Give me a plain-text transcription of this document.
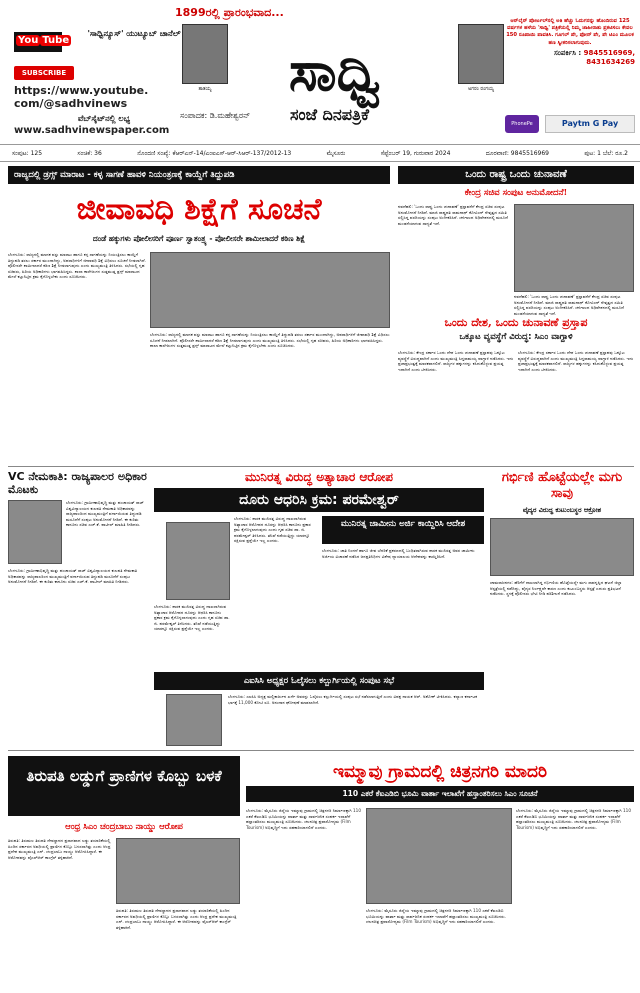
You Tube
SUBSCRIBE
'ಸಾಧ್ವಿನ್ಯೂಸ್' ಯುಟ್ಯೂಬ್ ಚಾನೆಲ್
https://www.youtube.
com/@sadhvinews
ವೆಬ್‌ಸೈಟ್‌ನಲ್ಲಿ ಲಭ್ಯ
www.sadhvinewspaper.com
1899ರಲ್ಲಿ ಪ್ರಾರಂಭವಾದ...
ತಾತಯ್ಯ	ಸಾಧ್ವಿ	ಅಗರಂ ರಂಗಯ್ಯ
ಸಂಪಾದಕ: ಡಿ.ಮಹೇಶ್ವರನ್ ಸಂಜೆ ದಿನಪತ್ರಿಕೆ
ಆನ್‌ಲೈನ್ ಪೋರ್ಟಲ್‌ನಲ್ಲಿ ಅತಿ ಹೆಚ್ಚು ಓದುಗರನ್ನು ಹೊಂದಿರುವ 125 ವರ್ಷಗಳ ಹಳೆಯ 'ಸಾಧ್ವಿ' ಪತ್ರಿಕೆಯಲ್ಲಿ ನಿಮ್ಮ ಜಾಹೀರಾತು ಪ್ರಕಟಿಸಲು ಕೇವಲ 150 ರೂಪಾಯಿ ಪಾವತಿಸಿ. ಗೂಗಲ್ ಪೇ, ಫೋನ್ ಪೇ, ಪೇ ಟಿಎಂ ಮೂಲಕ ಹಣ ಸ್ವೀಕರಿಸಲಾಗುವುದು.
ಸಂಪರ್ಕಿಸಿ : 9845516969,
8431634269
PhonePe	Paytm G Pay
ಸಂಪುಟ: 125	ಸಂಚಿಕೆ: 36	ನೊಂದಣಿ ಸಂಖ್ಯೆ: ಕೆಆರ್‌ಎನ್-14/ಎಂಐಎಸ್-ಆರ್-ಸಿಆರ್-137/2012-13	ಮೈಸೂರು	ಸೆಪ್ಟೆಂಬರ್ 19, ಗುರುವಾರ 2024	ದೂರವಾಣಿ: 9845516969	ಪುಟ: 1 ಬೆಲೆ: ರೂ.2
ರಾಜ್ಯದಲ್ಲಿ ಡ್ರಗ್ಸ್ ಮಾರಾಟ - ಕಳ್ಳ ಸಾಗಣೆ ಹಾವಳಿ ನಿಯಂತ್ರಣಕ್ಕೆ ಕಾಯ್ದೆಗೆ ತಿದ್ದುಪಡಿ
ಜೀವಾವಧಿ ಶಿಕ್ಷೆಗೆ ಸೂಚನೆ
ದಂಡೆ ಹಕ್ಕುಗಳು ಪೋಲೀಸರಿಗೆ ಪೂರ್ಣ ಸ್ವಾತಂತ್ರ್ಯ - ಪೋಲೀಸರೇ ಶಾಮೀಲಾದರೆ ಕಠಿಣ ಶಿಕ್ಷೆ
ಬೆಂಗಳೂರು: ರಾಜ್ಯದಲ್ಲಿ ಮಾದಕ ವಸ್ತು ಮಾರಾಟ ಹಾಗೂ ಕಳ್ಳ ಸಾಗಣೆಯನ್ನು ನಿಯಂತ್ರಿಸಲು ಕಾಯ್ದೆಗೆ ತಿದ್ದುಪಡಿ ತರಲು ಸರ್ಕಾರ ಮುಂದಾಗಿದ್ದು, ಅಪರಾಧಿಗಳಿಗೆ ಜೀವಾವಧಿ ಶಿಕ್ಷೆ ವಿಧಿಸಲು ಸೂಚನೆ ನೀಡಲಾಗಿದೆ. ಪೊಲೀಸರೇ ಶಾಮೀಲಾದರೆ ಕಠಿಣ ಶಿಕ್ಷೆ ನೀಡಲಾಗುವುದು ಎಂದು ಮುಖ್ಯಮಂತ್ರಿ ತಿಳಿಸಿದರು. ಸಭೆಯಲ್ಲಿ ಗೃಹ ಸಚಿವರು, ಹಿರಿಯ ಅಧಿಕಾರಿಗಳು ಭಾಗವಹಿಸಿದ್ದರು. ಶಾಲಾ ಕಾಲೇಜುಗಳ ಸುತ್ತಮುತ್ತ ಡ್ರಗ್ಸ್ ಮಾರಾಟದ ಮೇಲೆ ಕಟ್ಟುನಿಟ್ಟಿನ ಕ್ರಮ ಕೈಗೊಳ್ಳಬೇಕು ಎಂದು ಸೂಚಿಸಿದರು.
ಬೆಂಗಳೂರು: ರಾಜ್ಯದಲ್ಲಿ ಮಾದಕ ವಸ್ತು ಮಾರಾಟ ಹಾಗೂ ಕಳ್ಳ ಸಾಗಣೆಯನ್ನು ನಿಯಂತ್ರಿಸಲು ಕಾಯ್ದೆಗೆ ತಿದ್ದುಪಡಿ ತರಲು ಸರ್ಕಾರ ಮುಂದಾಗಿದ್ದು, ಅಪರಾಧಿಗಳಿಗೆ ಜೀವಾವಧಿ ಶಿಕ್ಷೆ ವಿಧಿಸಲು ಸೂಚನೆ ನೀಡಲಾಗಿದೆ. ಪೊಲೀಸರೇ ಶಾಮೀಲಾದರೆ ಕಠಿಣ ಶಿಕ್ಷೆ ನೀಡಲಾಗುವುದು ಎಂದು ಮುಖ್ಯಮಂತ್ರಿ ತಿಳಿಸಿದರು. ಸಭೆಯಲ್ಲಿ ಗೃಹ ಸಚಿವರು, ಹಿರಿಯ ಅಧಿಕಾರಿಗಳು ಭಾಗವಹಿಸಿದ್ದರು. ಶಾಲಾ ಕಾಲೇಜುಗಳ ಸುತ್ತಮುತ್ತ ಡ್ರಗ್ಸ್ ಮಾರಾಟದ ಮೇಲೆ ಕಟ್ಟುನಿಟ್ಟಿನ ಕ್ರಮ ಕೈಗೊಳ್ಳಬೇಕು ಎಂದು ಸೂಚಿಸಿದರು.
ಒಂದು ರಾಷ್ಟ್ರ ಒಂದು ಚುನಾವಣೆ
ಕೇಂದ್ರ ಸಚಿವ ಸಂಪುಟ ಅನುಮೋದನೆ!
ನವದೆಹಲಿ: 'ಒಂದು ರಾಷ್ಟ್ರ ಒಂದು ಚುನಾವಣೆ' ಪ್ರಸ್ತಾವನೆಗೆ ಕೇಂದ್ರ ಸಚಿವ ಸಂಪುಟ ಅನುಮೋದನೆ ನೀಡಿದೆ. ಮಾಜಿ ರಾಷ್ಟ್ರಪತಿ ರಾಮನಾಥ್ ಕೋವಿಂದ್ ನೇತೃತ್ವದ ಸಮಿತಿ ಸಲ್ಲಿಸಿದ್ದ ವರದಿಯನ್ನು ಸಂಪುಟ ಅಂಗೀಕರಿಸಿದೆ. ಚಳಿಗಾಲದ ಅಧಿವೇಶನದಲ್ಲಿ ಮಸೂದೆ ಮಂಡನೆಯಾಗುವ ಸಾಧ್ಯತೆ ಇದೆ.
ನವದೆಹಲಿ: 'ಒಂದು ರಾಷ್ಟ್ರ ಒಂದು ಚುನಾವಣೆ' ಪ್ರಸ್ತಾವನೆಗೆ ಕೇಂದ್ರ ಸಚಿವ ಸಂಪುಟ ಅನುಮೋದನೆ ನೀಡಿದೆ. ಮಾಜಿ ರಾಷ್ಟ್ರಪತಿ ರಾಮನಾಥ್ ಕೋವಿಂದ್ ನೇತೃತ್ವದ ಸಮಿತಿ ಸಲ್ಲಿಸಿದ್ದ ವರದಿಯನ್ನು ಸಂಪುಟ ಅಂಗೀಕರಿಸಿದೆ. ಚಳಿಗಾಲದ ಅಧಿವೇಶನದಲ್ಲಿ ಮಸೂದೆ ಮಂಡನೆಯಾಗುವ ಸಾಧ್ಯತೆ ಇದೆ.
ಒಂದು ದೇಶ, ಒಂದು ಚುನಾವಣೆ ಪ್ರಸ್ತಾಪ
ಒಕ್ಕೂಟ ವ್ಯವಸ್ಥೆಗೆ ವಿರುದ್ಧ: ಸಿಎಂ ವಾಗ್ದಾಳಿ
ಬೆಂಗಳೂರು: ಕೇಂದ್ರ ಸರ್ಕಾರ ಒಂದು ದೇಶ ಒಂದು ಚುನಾವಣೆ ಪ್ರಸ್ತಾಪವು ಒಕ್ಕೂಟ ವ್ಯವಸ್ಥೆಗೆ ವಿರುದ್ಧವಾಗಿದೆ ಎಂದು ಮುಖ್ಯಮಂತ್ರಿ ಸಿದ್ದರಾಮಯ್ಯ ವಾಗ್ದಾಳಿ ನಡೆಸಿದರು. ಇದು ಪ್ರಜಾಪ್ರಭುತ್ವಕ್ಕೆ ಮಾರಕವಾಗಲಿದೆ. ರಾಜ್ಯಗಳ ಹಕ್ಕುಗಳನ್ನು ಕಸಿದುಕೊಳ್ಳುವ ಪ್ರಯತ್ನ ಇದಾಗಿದೆ ಎಂದು ಟೀಕಿಸಿದರು.
ಬೆಂಗಳೂರು: ಕೇಂದ್ರ ಸರ್ಕಾರ ಒಂದು ದೇಶ ಒಂದು ಚುನಾವಣೆ ಪ್ರಸ್ತಾಪವು ಒಕ್ಕೂಟ ವ್ಯವಸ್ಥೆಗೆ ವಿರುದ್ಧವಾಗಿದೆ ಎಂದು ಮುಖ್ಯಮಂತ್ರಿ ಸಿದ್ದರಾಮಯ್ಯ ವಾಗ್ದಾಳಿ ನಡೆಸಿದರು. ಇದು ಪ್ರಜಾಪ್ರಭುತ್ವಕ್ಕೆ ಮಾರಕವಾಗಲಿದೆ. ರಾಜ್ಯಗಳ ಹಕ್ಕುಗಳನ್ನು ಕಸಿದುಕೊಳ್ಳುವ ಪ್ರಯತ್ನ ಇದಾಗಿದೆ ಎಂದು ಟೀಕಿಸಿದರು.
VC ನೇಮಕಾತಿ: ರಾಜ್ಯಪಾಲರ ಅಧಿಕಾರ ಮೊಟಕು
ಬೆಂಗಳೂರು: ಗ್ರಾಮೀಣಾಭಿವೃದ್ಧಿ ಮತ್ತು ಪಂಚಾಯತ್ ರಾಜ್ ವಿಶ್ವವಿದ್ಯಾಲಯದ ಕುಲಪತಿ ನೇಮಕಾತಿ ಅಧಿಕಾರವನ್ನು ರಾಜ್ಯಪಾಲರಿಂದ ಮುಖ್ಯಮಂತ್ರಿಗೆ ವರ್ಗಾಯಿಸುವ ತಿದ್ದುಪಡಿ ಮಸೂದೆಗೆ ಸಂಪುಟ ಅನುಮೋದನೆ ನೀಡಿದೆ. ಈ ಕುರಿತು ಕಾನೂನು ಸಚಿವ ಎಚ್.ಕೆ. ಪಾಟೀಲ್ ಮಾಹಿತಿ ನೀಡಿದರು.
ಬೆಂಗಳೂರು: ಗ್ರಾಮೀಣಾಭಿವೃದ್ಧಿ ಮತ್ತು ಪಂಚಾಯತ್ ರಾಜ್ ವಿಶ್ವವಿದ್ಯಾಲಯದ ಕುಲಪತಿ ನೇಮಕಾತಿ ಅಧಿಕಾರವನ್ನು ರಾಜ್ಯಪಾಲರಿಂದ ಮುಖ್ಯಮಂತ್ರಿಗೆ ವರ್ಗಾಯಿಸುವ ತಿದ್ದುಪಡಿ ಮಸೂದೆಗೆ ಸಂಪುಟ ಅನುಮೋದನೆ ನೀಡಿದೆ. ಈ ಕುರಿತು ಕಾನೂನು ಸಚಿವ ಎಚ್.ಕೆ. ಪಾಟೀಲ್ ಮಾಹಿತಿ ನೀಡಿದರು.
ಮುನಿರತ್ನ ವಿರುದ್ಧ ಅತ್ಯಾಚಾರ ಆರೋಪ
ದೂರು ಆಧರಿಸಿ ಕ್ರಮ: ಪರಮೇಶ್ವರ್
ಬೆಂಗಳೂರು: ಶಾಸಕ ಮುನಿರತ್ನ ವಿರುದ್ಧ ದಾಖಲಾಗಿರುವ ಅತ್ಯಾಚಾರ ಆರೋಪದ ದೂರನ್ನು ಆಧರಿಸಿ ಕಾನೂನು ಪ್ರಕಾರ ಕ್ರಮ ಕೈಗೊಳ್ಳಲಾಗುವುದು ಎಂದು ಗೃಹ ಸಚಿವ ಡಾ. ಜಿ. ಪರಮೇಶ್ವರ್ ತಿಳಿಸಿದರು. ತನಿಖೆ ನಡೆಯುತ್ತಿದ್ದು ಯಾರನ್ನೂ ರಕ್ಷಿಸುವ ಪ್ರಶ್ನೆಯೇ ಇಲ್ಲ ಎಂದರು.
ಬೆಂಗಳೂರು: ಶಾಸಕ ಮುನಿರತ್ನ ವಿರುದ್ಧ ದಾಖಲಾಗಿರುವ ಅತ್ಯಾಚಾರ ಆರೋಪದ ದೂರನ್ನು ಆಧರಿಸಿ ಕಾನೂನು ಪ್ರಕಾರ ಕ್ರಮ ಕೈಗೊಳ್ಳಲಾಗುವುದು ಎಂದು ಗೃಹ ಸಚಿವ ಡಾ. ಜಿ. ಪರಮೇಶ್ವರ್ ತಿಳಿಸಿದರು. ತನಿಖೆ ನಡೆಯುತ್ತಿದ್ದು ಯಾರನ್ನೂ ರಕ್ಷಿಸುವ ಪ್ರಶ್ನೆಯೇ ಇಲ್ಲ ಎಂದರು.
ಮುನಿರತ್ನ ಜಾಮೀನು ಅರ್ಜಿ ಕಾಯ್ದಿರಿಸಿ ಆದೇಶ
ಬೆಂಗಳೂರು: ಜಾತಿ ನಿಂದನೆ ಹಾಗೂ ಜೀವ ಬೆದರಿಕೆ ಪ್ರಕರಣದಲ್ಲಿ ಬಂಧಿತರಾಗಿರುವ ಶಾಸಕ ಮುನಿರತ್ನ ಅವರ ಜಾಮೀನು ಅರ್ಜಿಯ ವಿಚಾರಣೆ ನಡೆಸಿದ ಜನಪ್ರತಿನಿಧಿಗಳ ವಿಶೇಷ ನ್ಯಾಯಾಲಯ ಆದೇಶವನ್ನು ಕಾಯ್ದಿರಿಸಿದೆ.
ಗರ್ಭಿಣಿ ಹೊಟ್ಟೆಯಲ್ಲೇ ಮಗು ಸಾವು
ವೈದ್ಯರ ವಿರುದ್ಧ ಕುಟುಂಬಸ್ಥರ ಆಕ್ರೋಶ
ಚಾಮರಾಜನಗರ: ಹೆರಿಗೆಗೆ ದಾಖಲಾಗಿದ್ದ ಗರ್ಭಿಣಿಯ ಹೊಟ್ಟೆಯಲ್ಲೇ ಮಗು ಸಾವನ್ನಪ್ಪಿದ ಘಟನೆ ಜಿಲ್ಲಾ ಆಸ್ಪತ್ರೆಯಲ್ಲಿ ನಡೆದಿದ್ದು, ವೈದ್ಯರ ನಿರ್ಲಕ್ಷ್ಯವೇ ಕಾರಣ ಎಂದು ಕುಟುಂಬಸ್ಥರು ಆಸ್ಪತ್ರೆ ಎದುರು ಪ್ರತಿಭಟನೆ ನಡೆಸಿದರು. ಸ್ಥಳಕ್ಕೆ ಪೊಲೀಸರು ಭೇಟಿ ನೀಡಿ ಪರಿಶೀಲನೆ ನಡೆಸಿದರು.
ಎಐಸಿಸಿ ಅಧ್ಯಕ್ಷರ ಓಲೈಸಲು ಕಲ್ಬುರ್ಗಿಯಲ್ಲಿ ಸಂಪುಟ ಸಭೆ
ಬೆಂಗಳೂರು: ಎಐಸಿಸಿ ಅಧ್ಯಕ್ಷ ಮಲ್ಲಿಕಾರ್ಜುನ ಖರ್ಗೆ ಅವರನ್ನು ಓಲೈಸಲು ಕಲ್ಬುರ್ಗಿಯಲ್ಲಿ ಸಂಪುಟ ಸಭೆ ನಡೆಸಲಾಗುತ್ತಿದೆ ಎಂದು ವಿಪಕ್ಷ ನಾಯಕ ಆರ್. ಅಶೋಕ್ ಟೀಕಿಸಿದರು. ಕಲ್ಯಾಣ ಕರ್ನಾಟಕ ಭಾಗಕ್ಕೆ 11,000 ಕೋಟಿ ರೂ. ಅನುದಾನ ಘೋಷಣೆ ಮಾಡಲಾಗಿದೆ.
ತಿರುಪತಿ ಲಡ್ಡುಗೆ ಪ್ರಾಣಿಗಳ ಕೊಬ್ಬು ಬಳಕೆ
ಆಂಧ್ರ ಸಿಎಂ ಚಂದ್ರಬಾಬು ನಾಯ್ಡು ಆರೋಪ
ತಿರುಪತಿ: ತಿರುಮಲ ತಿರುಪತಿ ದೇವಸ್ಥಾನದ ಪ್ರಸಾದವಾದ ಲಡ್ಡು ತಯಾರಿಕೆಯಲ್ಲಿ ಹಿಂದಿನ ಸರ್ಕಾರದ ಅವಧಿಯಲ್ಲಿ ಪ್ರಾಣಿಗಳ ಕೊಬ್ಬು ಬಳಸಲಾಗಿತ್ತು ಎಂದು ಆಂಧ್ರ ಪ್ರದೇಶ ಮುಖ್ಯಮಂತ್ರಿ ಎನ್. ಚಂದ್ರಬಾಬು ನಾಯ್ಡು ಆರೋಪಿಸಿದ್ದಾರೆ. ಈ ಆರೋಪವನ್ನು ವೈಎಸ್‌ಆರ್ ಕಾಂಗ್ರೆಸ್ ತಳ್ಳಿಹಾಕಿದೆ.
ತಿರುಪತಿ: ತಿರುಮಲ ತಿರುಪತಿ ದೇವಸ್ಥಾನದ ಪ್ರಸಾದವಾದ ಲಡ್ಡು ತಯಾರಿಕೆಯಲ್ಲಿ ಹಿಂದಿನ ಸರ್ಕಾರದ ಅವಧಿಯಲ್ಲಿ ಪ್ರಾಣಿಗಳ ಕೊಬ್ಬು ಬಳಸಲಾಗಿತ್ತು ಎಂದು ಆಂಧ್ರ ಪ್ರದೇಶ ಮುಖ್ಯಮಂತ್ರಿ ಎನ್. ಚಂದ್ರಬಾಬು ನಾಯ್ಡು ಆರೋಪಿಸಿದ್ದಾರೆ. ಈ ಆರೋಪವನ್ನು ವೈಎಸ್‌ಆರ್ ಕಾಂಗ್ರೆಸ್ ತಳ್ಳಿಹಾಕಿದೆ.
ಇಮ್ಮಾವು ಗ್ರಾಮದಲ್ಲಿ ಚಿತ್ರನಗರಿ ಮಾದರಿ
110 ಎಕರೆ ಕೆಐಎಡಿಬಿ ಭೂಮಿ ವಾರ್ತಾ ಇಲಾಖೆಗೆ ಹಸ್ತಾಂತರಿಸಲು ಸಿಎಂ ಸೂಚನೆ
ಬೆಂಗಳೂರು: ಮೈಸೂರು ಜಿಲ್ಲೆಯ ಇಮ್ಮಾವು ಗ್ರಾಮದಲ್ಲಿ ಚಿತ್ರನಗರಿ ನಿರ್ಮಾಣಕ್ಕಾಗಿ 110 ಎಕರೆ ಕೆಐಎಡಿಬಿ ಭೂಮಿಯನ್ನು ವಾರ್ತಾ ಮತ್ತು ಸಾರ್ವಜನಿಕ ಸಂಪರ್ಕ ಇಲಾಖೆಗೆ ಹಸ್ತಾಂತರಿಸಲು ಮುಖ್ಯಮಂತ್ರಿ ಸೂಚಿಸಿದರು. ಚಲನಚಿತ್ರ ಪ್ರವಾಸೋದ್ಯಮ (Film Tourism) ಅಭಿವೃದ್ಧಿಗೆ ಇದು ಸಹಕಾರಿಯಾಗಲಿದೆ ಎಂದರು.
ಬೆಂಗಳೂರು: ಮೈಸೂರು ಜಿಲ್ಲೆಯ ಇಮ್ಮಾವು ಗ್ರಾಮದಲ್ಲಿ ಚಿತ್ರನಗರಿ ನಿರ್ಮಾಣಕ್ಕಾಗಿ 110 ಎಕರೆ ಕೆಐಎಡಿಬಿ ಭೂಮಿಯನ್ನು ವಾರ್ತಾ ಮತ್ತು ಸಾರ್ವಜನಿಕ ಸಂಪರ್ಕ ಇಲಾಖೆಗೆ ಹಸ್ತಾಂತರಿಸಲು ಮುಖ್ಯಮಂತ್ರಿ ಸೂಚಿಸಿದರು. ಚಲನಚಿತ್ರ ಪ್ರವಾಸೋದ್ಯಮ (Film Tourism) ಅಭಿವೃದ್ಧಿಗೆ ಇದು ಸಹಕಾರಿಯಾಗಲಿದೆ ಎಂದರು.
ಬೆಂಗಳೂರು: ಮೈಸೂರು ಜಿಲ್ಲೆಯ ಇಮ್ಮಾವು ಗ್ರಾಮದಲ್ಲಿ ಚಿತ್ರನಗರಿ ನಿರ್ಮಾಣಕ್ಕಾಗಿ 110 ಎಕರೆ ಕೆಐಎಡಿಬಿ ಭೂಮಿಯನ್ನು ವಾರ್ತಾ ಮತ್ತು ಸಾರ್ವಜನಿಕ ಸಂಪರ್ಕ ಇಲಾಖೆಗೆ ಹಸ್ತಾಂತರಿಸಲು ಮುಖ್ಯಮಂತ್ರಿ ಸೂಚಿಸಿದರು. ಚಲನಚಿತ್ರ ಪ್ರವಾಸೋದ್ಯಮ (Film Tourism) ಅಭಿವೃದ್ಧಿಗೆ ಇದು ಸಹಕಾರಿಯಾಗಲಿದೆ ಎಂದರು.
